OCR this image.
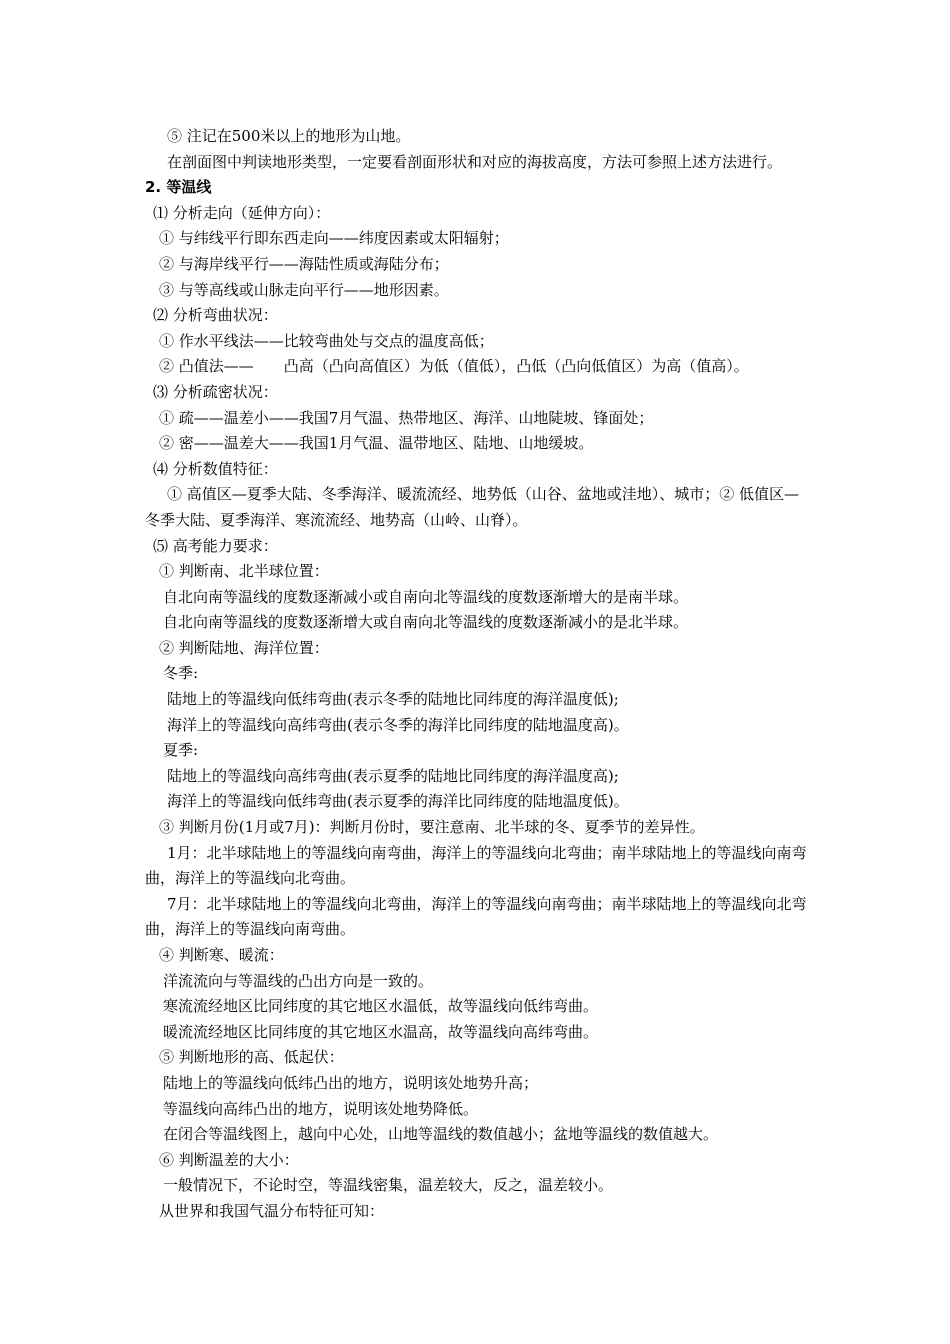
⑤ 注记在500米以上的地形为山地。
在剖面图中判读地形类型，一定要看剖面形状和对应的海拔高度，方法可参照上述方法进行。
2. 等温线
⑴ 分析走向（延伸方向）：
① 与纬线平行即东西走向——纬度因素或太阳辐射；
② 与海岸线平行——海陆性质或海陆分布；
③ 与等高线或山脉走向平行——地形因素。
⑵ 分析弯曲状况：
① 作水平线法——比较弯曲处与交点的温度高低；
② 凸值法——　　凸高（凸向高值区）为低（值低），凸低（凸向低值区）为高（值高）。
⑶ 分析疏密状况：
① 疏——温差小——我国7月气温、热带地区、海洋、山地陡坡、锋面处；
② 密——温差大——我国1月气温、温带地区、陆地、山地缓坡。
⑷ 分析数值特征：
① 高值区—夏季大陆、冬季海洋、暖流流经、地势低（山谷、盆地或洼地）、城市；② 低值区—冬季大陆、夏季海洋、寒流流经、地势高（山岭、山脊）。
⑸ 高考能力要求：
① 判断南、北半球位置：
自北向南等温线的度数逐渐减小或自南向北等温线的度数逐渐增大的是南半球。
自北向南等温线的度数逐渐增大或自南向北等温线的度数逐渐减小的是北半球。
② 判断陆地、海洋位置：
冬季:
陆地上的等温线向低纬弯曲(表示冬季的陆地比同纬度的海洋温度低);
海洋上的等温线向高纬弯曲(表示冬季的海洋比同纬度的陆地温度高)。
夏季:
陆地上的等温线向高纬弯曲(表示夏季的陆地比同纬度的海洋温度高);
海洋上的等温线向低纬弯曲(表示夏季的海洋比同纬度的陆地温度低)。
③ 判断月份(1月或7月)：判断月份时，要注意南、北半球的冬、夏季节的差异性。
1月：北半球陆地上的等温线向南弯曲，海洋上的等温线向北弯曲；南半球陆地上的等温线向南弯曲，海洋上的等温线向北弯曲。
7月：北半球陆地上的等温线向北弯曲，海洋上的等温线向南弯曲；南半球陆地上的等温线向北弯曲，海洋上的等温线向南弯曲。
④ 判断寒、暖流：
洋流流向与等温线的凸出方向是一致的。
寒流流经地区比同纬度的其它地区水温低，故等温线向低纬弯曲。
暖流流经地区比同纬度的其它地区水温高，故等温线向高纬弯曲。
⑤ 判断地形的高、低起伏：
陆地上的等温线向低纬凸出的地方，说明该处地势升高；
等温线向高纬凸出的地方，说明该处地势降低。
在闭合等温线图上，越向中心处，山地等温线的数值越小；盆地等温线的数值越大。
⑥ 判断温差的大小：
一般情况下，不论时空，等温线密集，温差较大，反之，温差较小。
从世界和我国气温分布特征可知：
